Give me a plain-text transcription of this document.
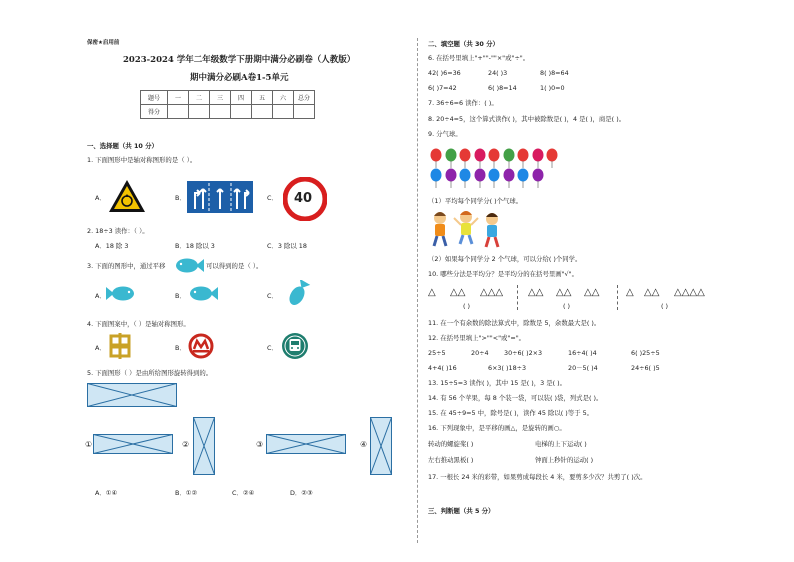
保密★启用前
2023-2024 学年二年级数学下册期中满分必刷卷（人教版）
期中满分必刷A卷1-5单元
题号	一	二	三	四	五	六	总分
得分							
一、选择题（共 10 分）
1. 下面图形中是轴对称图形的是（ ）。
A．	B．	C． 40
2. 18÷3 读作：（ ）。
A．18 除 3	B．18 除以 3	C．3 除以 18
3. 下面的图形中，通过平移	可以得到的是（ ）。
A．	B．	C．
4. 下面图案中，（ ）是轴对称图形。
A．	B．	C．
5. 下面图形（ ）是由所给图形旋转得到的。
①	②	③	④
A．①④	B．①②	C．②④	D．②③
二、填空题（共 30 分）
6. 在括号里填上"+""-""×"或"÷"。
42( )6=36	24( )3	8( )8=64
6( )7=42	6( )8=14	1( )0=0
7. 36÷6=6 读作：( )。
8. 20÷4=5，这个算式读作( )，其中被除数是( )，4 是( )，商是( )。
9. 分气球。
（1）平均每个同学分( )个气球。
（2）如果每个同学分 2 个气球，可以分给( )个同学。
10. 哪些分法是平均分？是平均分的在括号里画"√"。
△ △△ △△△
( )
△△ △△ △△
( )
△ △△ △△△△
( )
11. 在一个有余数的除法算式中，除数是 5，余数最大是( )。
12. 在括号里填上">""<"或"="。
25÷5	20÷4 30÷6( )2×3	16÷4( )4	6( )25÷5
4+4( )16	6×3( )18÷3	20－5( )4	24÷6( )5
13. 15÷5=3 读作( )，其中 15 是( )，3 是( )。
14. 有 56 个苹果，每 8 个装一袋，可以装( )袋，列式是( )。
15. 在 45÷9=5 中，除号是( )，读作 45 除以( )等于 5。
16. 下列现象中，是平移的画△，是旋转的画○。
转动的螺旋桨( )	电梯的上下运动( )
左右推动黑板( )	钟面上秒针的运动( )
17. 一根长 24 米的彩带，如果剪成每段长 4 米，要剪多少次？共剪了( )次。
三、判断题（共 5 分）
